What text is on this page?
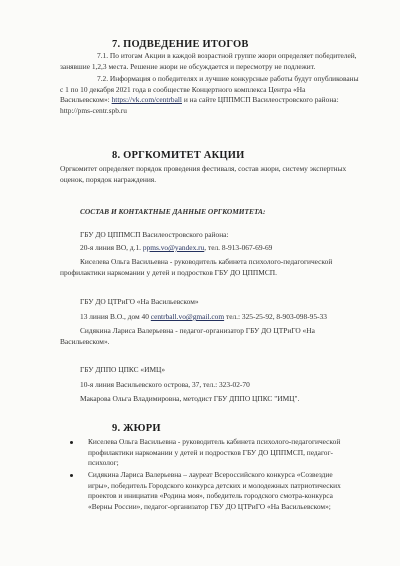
7. ПОДВЕДЕНИЕ ИТОГОВ
7.1. По итогам Акции в каждой возрастной группе жюри определяет победителей,
занявшие 1,2,3 места. Решение жюри не обсуждается и пересмотру не подлежит.
7.2. Информация о победителях и лучшие конкурсные работы будут опубликованы
с 1 по 10 декабря 2021 года в сообществе Концертного комплекса Центра «На
Васильевском»: https://vk.com/centrball и на сайте ЦППМСП Василеостровского района:
http://pms-centr.spb.ru
8. ОРГКОМИТЕТ АКЦИИ
Оргкомитет определяет порядок проведения фестиваля, состав жюри, систему экспертных
оценок, порядок награждения.
СОСТАВ И КОНТАКТНЫЕ ДАННЫЕ ОРГКОМИТЕТА:
ГБУ ДО ЦППМСП Василеостровского района:
20-я линия ВО, д.1. ppms.vo@yandex.ru, тел. 8-913-067-69-69
Киселева Ольга Васильевна - руководитель кабинета психолого-педагогической
профилактики наркомании у детей и подростков ГБУ ДО ЦППМСП.
ГБУ ДО ЦТРиГО «На Васильевском»
13 линия В.О., дом 40 centrball.vo@gmail.com тел.: 325-25-92, 8-903-098-95-33
Сидякина Лариса Валерьевна - педагог-организатор ГБУ ДО ЦТРиГО «На
Васильевском».
ГБУ ДППО ЦПКС «ИМЦ»
10-я линия Васильевского острова, 37, тел.: 323-02-70
Макарова Ольга Владимировна, методист ГБУ ДППО ЦПКС "ИМЦ".
9. ЖЮРИ
Киселева Ольга Васильевна - руководитель кабинета психолого-педагогической
профилактики наркомании у детей и подростков ГБУ ДО ЦППМСП, педагог-
психолог;
Сидякина Лариса Валерьевна – лауреат Всероссийского конкурса «Созвездие
игры», победитель Городского конкурса детских и молодежных патриотических
проектов и инициатив «Родина моя», победитель городского смотра-конкурса
«Верны России», педагог-организатор ГБУ ДО ЦТРиГО «На Васильевском»;
